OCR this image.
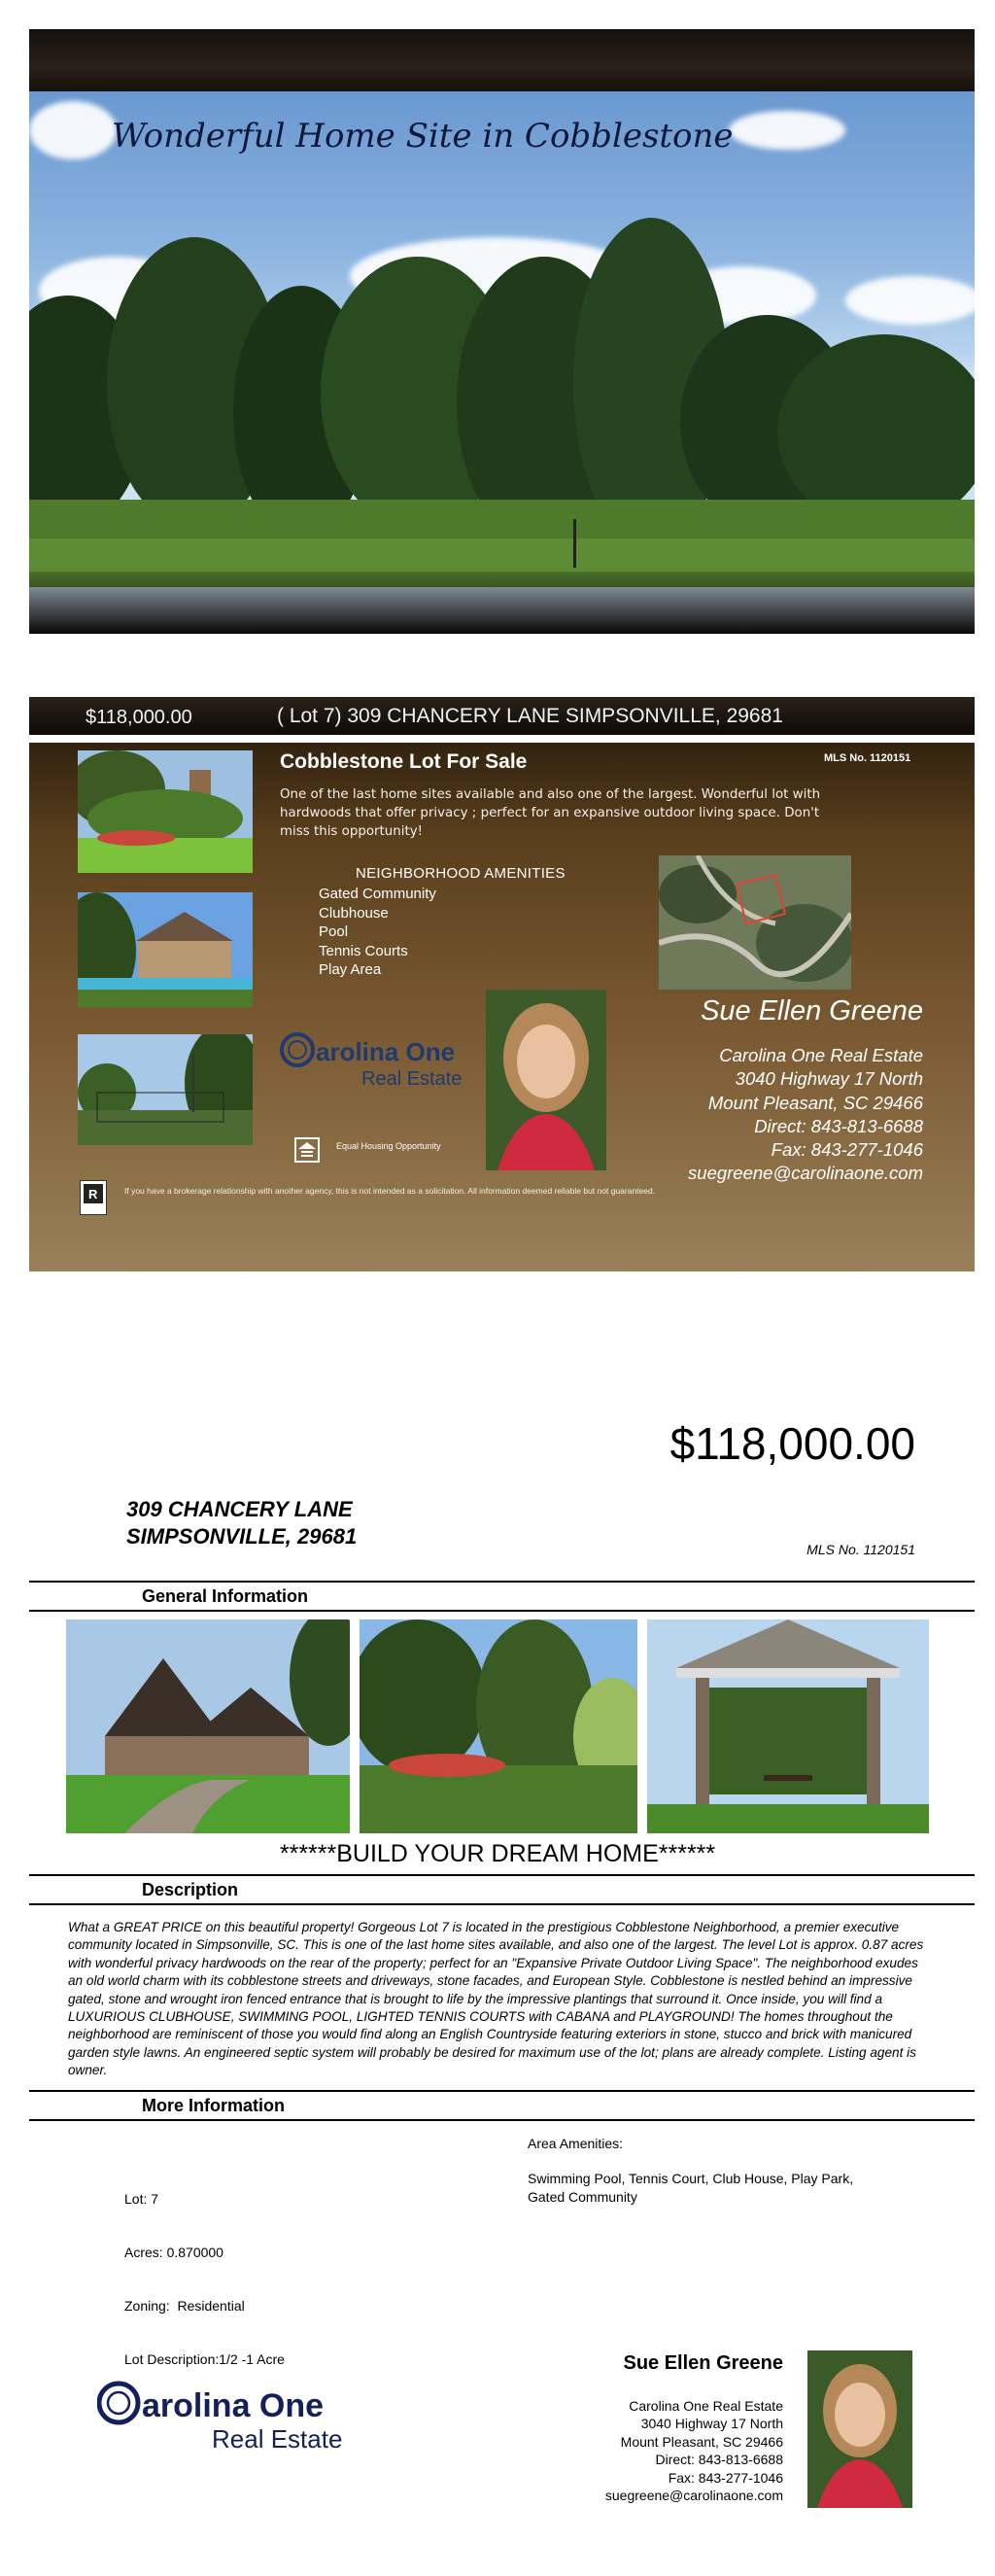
Wonderful Home Site in Cobblestone
$118,000.00	( Lot 7) 309 CHANCERY LANE SIMPSONVILLE, 29681
Cobblestone Lot For Sale	MLS No. 1120151
One of the last home sites available and also one of the largest. Wonderful lot with hardwoods that offer privacy ; perfect for an expansive outdoor living space. Don't miss this opportunity!
NEIGHBORHOOD AMENITIES
Gated Community
Clubhouse
Pool
Tennis Courts
Play Area
arolina One
Real Estate
Equal Housing Opportunity
R	If you have a brokerage relationship with another agency, this is not intended as a solicitation. All information deemed reliable but not guaranteed.
Sue Ellen Greene
Carolina One Real Estate
3040 Highway 17 North
Mount Pleasant, SC 29466
Direct: 843-813-6688
Fax: 843-277-1046
suegreene@carolinaone.com
$118,000.00
309 CHANCERY LANE
SIMPSONVILLE, 29681
MLS No. 1120151
General Information
******BUILD YOUR DREAM HOME******
Description
What a GREAT PRICE on this beautiful property! Gorgeous Lot 7 is located in the prestigious Cobblestone Neighborhood, a premier executive community located in Simpsonville, SC. This is one of the last home sites available, and also one of the largest. The level Lot is approx. 0.87 acres with wonderful privacy hardwoods on the rear of the property; perfect for an "Expansive Private Outdoor Living Space". The neighborhood exudes an old world charm with its cobblestone streets and driveways, stone facades, and European Style. Cobblestone is nestled behind an impressive gated, stone and wrought iron fenced entrance that is brought to life by the impressive plantings that surround it. Once inside, you will find a LUXURIOUS CLUBHOUSE, SWIMMING POOL, LIGHTED TENNIS COURTS with CABANA and PLAYGROUND! The homes throughout the neighborhood are reminiscent of those you would find along an English Countryside featuring exteriors in stone, stucco and brick with manicured garden style lawns. An engineered septic system will probably be desired for maximum use of the lot; plans are already complete. Listing agent is owner.
More Information

Lot: 7

Acres: 0.870000

Zoning:  Residential

Lot Description:1/2 -1 Acre

Area Amenities:
Swimming Pool, Tennis Court, Club House, Play Park,
Gated Community
arolina One
Real Estate
Sue Ellen Greene
Carolina One Real Estate
3040 Highway 17 North
Mount Pleasant, SC 29466
Direct: 843-813-6688
Fax: 843-277-1046
suegreene@carolinaone.com
